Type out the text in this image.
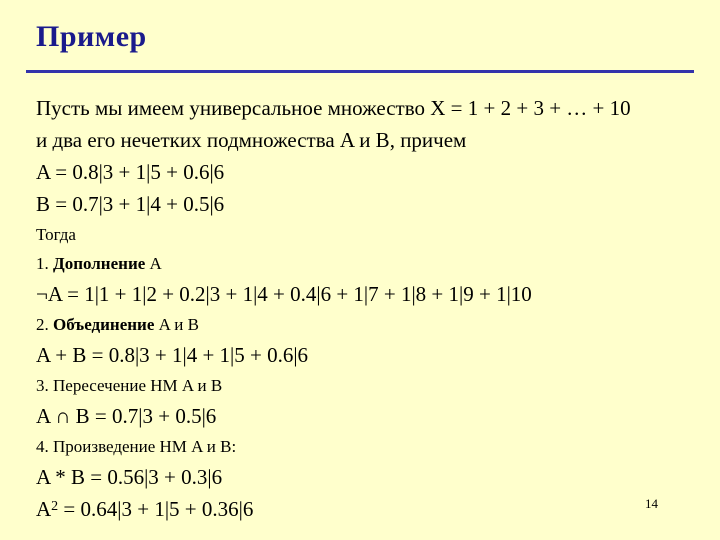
Пример
Пусть мы имеем универсальное множество X = 1 + 2 + 3 + … + 10
и два его нечетких подмножества A и B, причем
A = 0.8|3 + 1|5 + 0.6|6
B = 0.7|3 + 1|4 + 0.5|6
Тогда
1. Дополнение A
¬A = 1|1 + 1|2 + 0.2|3 + 1|4 + 0.4|6 + 1|7 + 1|8 + 1|9 + 1|10
2. Объединение A и B
A + B = 0.8|3 + 1|4 + 1|5 + 0.6|6
3. Пересечение НМ A и B
A ∩ B = 0.7|3 + 0.5|6
4. Произведение НМ A и B:
A * B = 0.56|3 + 0.3|6
$A^2 = 0.64|3 + 1|5 + 0.36|6$	14
